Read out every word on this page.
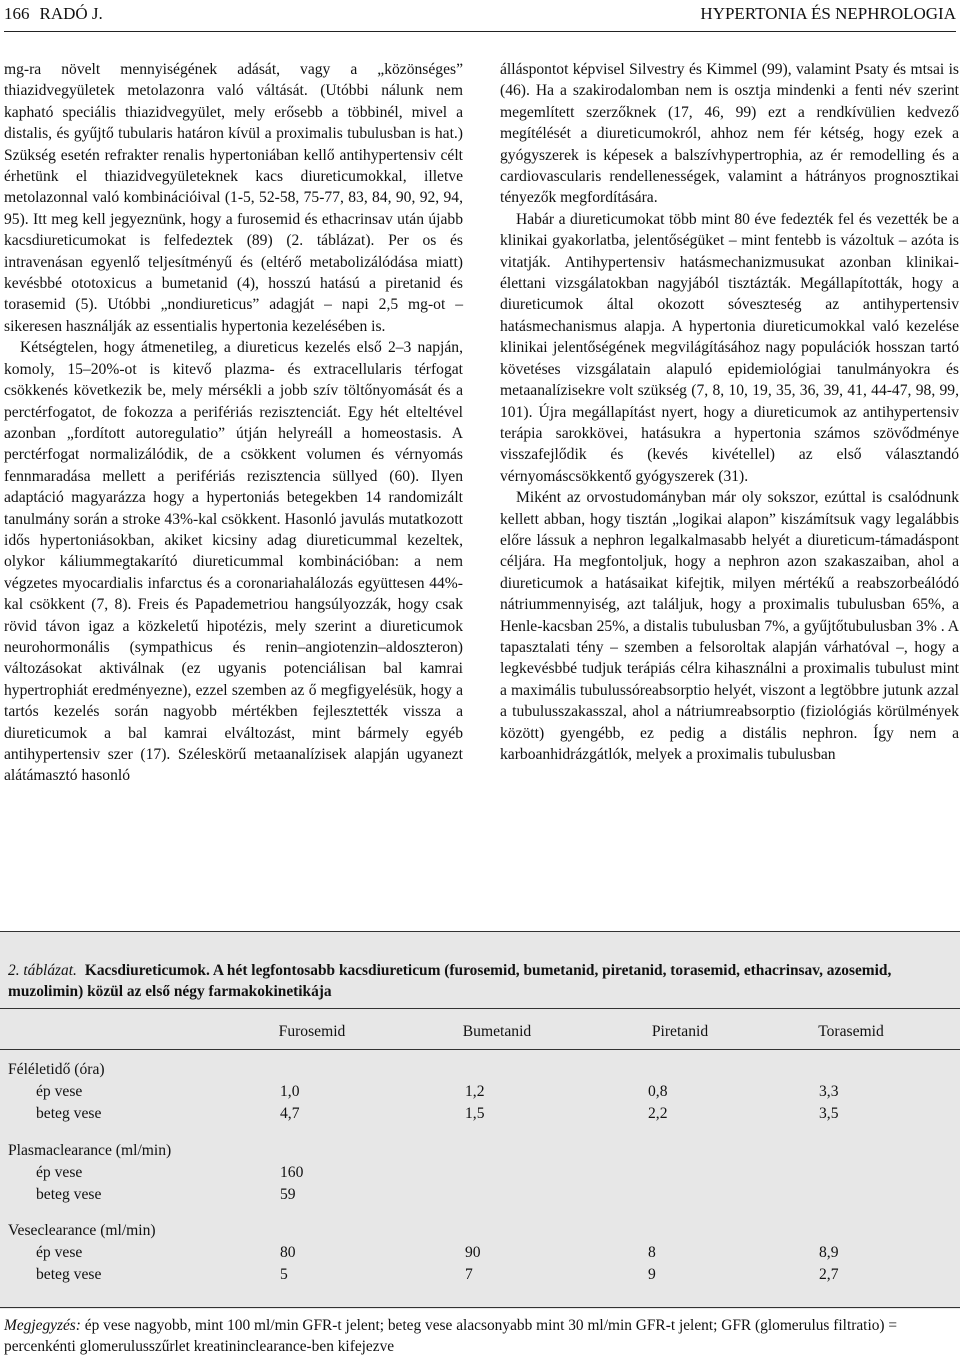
166 RADÓ J.	HYPERTONIA ÉS NEPHROLOGIA

mg-ra növelt mennyiségének adását, vagy a „közönséges” thiazidvegyületek metolazonra való váltását. (Utóbbi nálunk nem kapható speciális thiazidvegyület, mely erősebb a többinél, mivel a distalis, és gyűjtő tubularis határon kívül a proximalis tubulusban is hat.) Szükség esetén refrakter renalis hypertoniában kellő antihypertensiv célt érhetünk el thiazidvegyületeknek kacs diureticumokkal, illetve metolazonnal való kombinációival (1-5, 52-58, 75-77, 83, 84, 90, 92, 94, 95). Itt meg kell jegyeznünk, hogy a furosemid és ethacrinsav után újabb kacsdiureticumokat is felfedeztek (89) (2. táblázat). Per os és intravenásan egyenlő teljesítményű és (eltérő metabolizálódása miatt) kevésbbé ototoxicus a bumetanid (4), hosszú hatású a piretanid és torasemid (5). Utóbbi „nondiureticus” adagját – napi 2,5 mg-ot – sikeresen használják az essentialis hypertonia kezelésében is.

Kétségtelen, hogy átmenetileg, a diureticus kezelés első 2–3 napján, komoly, 15–20%-ot is kitevő plazma- és extracellularis térfogat csökkenés következik be, mely mérsékli a jobb szív töltőnyomását és a perctérfogatot, de fokozza a perifériás rezisztenciát. Egy hét elteltével azonban „fordított autoregulatio” útján helyreáll a homeostasis. A perctérfogat normalizálódik, de a csökkent volumen és vérnyomás fennmaradása mellett a perifériás rezisztencia süllyed (60). Ilyen adaptáció magyarázza hogy a hypertoniás betegekben 14 randomizált tanulmány során a stroke 43%-kal csökkent. Hasonló javulás mutatkozott idős hypertoniásokban, akiket kicsiny adag diureticummal kezeltek, olykor káliummegtakarító diureticummal kombinációban: a nem végzetes myocardialis infarctus és a coronariahalálozás együttesen 44%-kal csökkent (7, 8). Freis és Papademetriou hangsúlyozzák, hogy csak rövid távon igaz a közkeletű hipotézis, mely szerint a diureticumok neurohormonális (sympathicus és renin–angiotenzin–aldoszteron) változásokat aktiválnak (ez ugyanis potenciálisan bal kamrai hypertrophiát eredményezne), ezzel szemben az ő megfigyelésük, hogy a tartós kezelés során nagyobb mértékben fejlesztették vissza a diureticumok a bal kamrai elváltozást, mint bármely egyéb antihypertensiv szer (17). Széleskörű metaanalízisek alapján ugyanezt alátámasztó hasonló

álláspontot képvisel Silvestry és Kimmel (99), valamint Psaty és mtsai is (46). Ha a szakirodalomban nem is osztja mindenki a fenti név szerint megemlített szerzőknek (17, 46, 99) ezt a rendkívülien kedvező megítélését a diureticumokról, ahhoz nem fér kétség, hogy ezek a gyógyszerek is képesek a balszívhypertrophia, az ér remodelling és a cardiovascularis rendellenességek, valamint a hátrányos prognosztikai tényezők megfordítására.

Habár a diureticumokat több mint 80 éve fedezték fel és vezették be a klinikai gyakorlatba, jelentőségüket – mint fentebb is vázoltuk – azóta is vitatják. Antihypertensiv hatásmechanizmusukat azonban klinikai-élettani vizsgálatokban nagyjából tisztázták. Megállapították, hogy a diureticumok által okozott sóveszteség az antihypertensiv hatásmechanismus alapja. A hypertonia diureticumokkal való kezelése klinikai jelentőségének megvilágításához nagy populációk hosszan tartó követéses vizsgálatain alapuló epidemiológiai tanulmányokra és metaanalízisekre volt szükség (7, 8, 10, 19, 35, 36, 39, 41, 44-47, 98, 99, 101). Újra megállapítást nyert, hogy a diureticumok az antihypertensiv terápia sarokkövei, hatásukra a hypertonia számos szövődménye visszafejlődik és (kevés kivétellel) az első választandó vérnyomáscsökkentő gyógyszerek (31).

Miként az orvostudományban már oly sokszor, ezúttal is csalódnunk kellett abban, hogy tisztán „logikai alapon” kiszámítsuk vagy legalábbis előre lássuk a nephron legalkalmasabb helyét a diureticum-támadáspont céljára. Ha megfontoljuk, hogy a nephron azon szakaszaiban, ahol a diureticumok a hatásaikat kifejtik, milyen mértékű a reabszorbeálódó nátriummennyiség, azt találjuk, hogy a proximalis tubulusban 65%, a Henle-kacsban 25%, a distalis tubulusban 7%, a gyűjtőtubulusban 3% . A tapasztalati tény – szemben a felsoroltak alapján várhatóval –, hogy a legkevésbbé tudjuk terápiás célra kihasználni a proximalis tubulust mint a maximális tubulussóreabsorptio helyét, viszont a legtöbbre jutunk azzal a tubulusszakasszal, ahol a nátriumreabsorptio (fiziológiás körülmények között) gyengébb, ez pedig a distális nephron. Így nem a karboanhidrázgátlók, melyek a proximalis tubulusban

2. táblázat. Kacsdiureticumok. A hét legfontosabb kacsdiureticum (furosemid, bumetanid, piretanid, torasemid, ethacrinsav, azosemid, muzolimin) közül az első négy farmakokinetikája
Furosemid	Bumetanid	Piretanid	Torasemid
Féléletidő (óra)
ép vese	1,0	1,2	0,8	3,3
beteg vese	4,7	1,5	2,2	3,5
Plasmaclearance (ml/min)
ép vese	160
beteg vese	59
Veseclearance (ml/min)
ép vese	80	90	8	8,9
beteg vese	5	7	9	2,7
Megjegyzés: ép vese nagyobb, mint 100 ml/min GFR-t jelent; beteg vese alacsonyabb mint 30 ml/min GFR-t jelent; GFR (glomerulus filtratio) = percenkénti glomerulusszűrlet kreatininclearance-ben kifejezve
